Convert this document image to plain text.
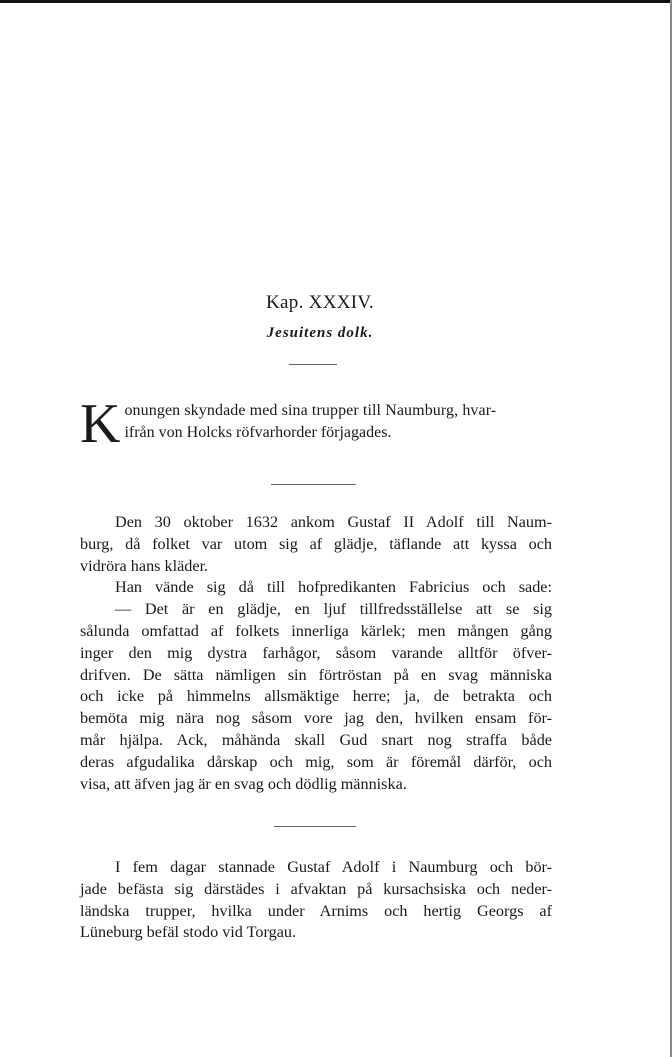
Kap. XXXIV.
Jesuitens dolk.
K onungen skyndade med sina trupper till Naumburg, hvar-
ifrån von Holcks röfvarhorder förjagades.
Den 30 oktober 1632 ankom Gustaf II Adolf till Naum-
burg, då folket var utom sig af glädje, täflande att kyssa och
vidröra hans kläder.
Han vände sig då till hofpredikanten Fabricius och sade:
— Det är en glädje, en ljuf tillfredsställelse att se sig
sålunda omfattad af folkets innerliga kärlek; men mången gång
inger den mig dystra farhågor, såsom varande alltför öfver-
drifven. De sätta nämligen sin förtröstan på en svag människa
och icke på himmelns allsmäktige herre; ja, de betrakta och
bemöta mig nära nog såsom vore jag den, hvilken ensam för-
mår hjälpa. Ack, måhända skall Gud snart nog straffa både
deras afgudalika dårskap och mig, som är föremål därför, och
visa, att äfven jag är en svag och dödlig människa.
I fem dagar stannade Gustaf Adolf i Naumburg och bör-
jade befästa sig därstädes i afvaktan på kursachsiska och neder-
ländska trupper, hvilka under Arnims och hertig Georgs af
Lüneburg befäl stodo vid Torgau.
